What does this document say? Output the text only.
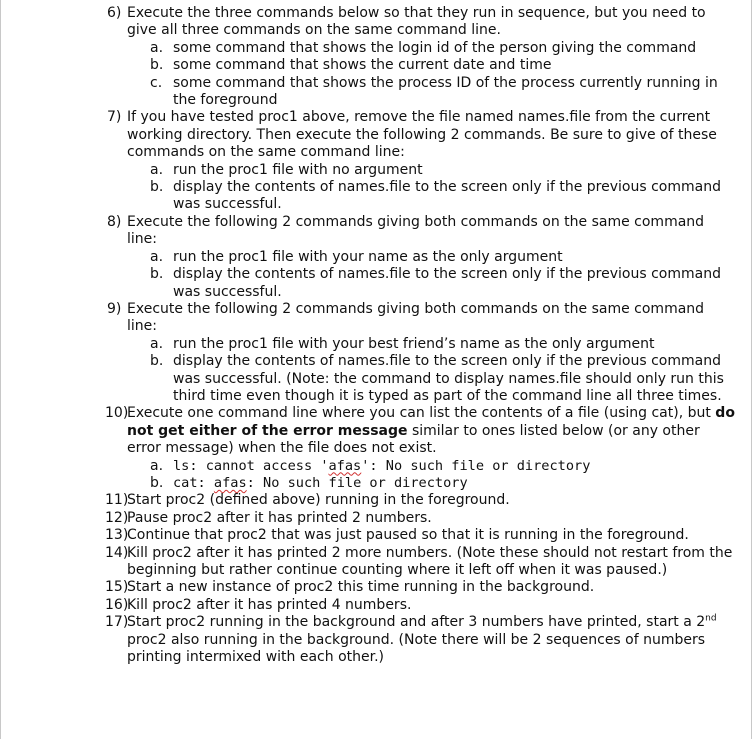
6) Execute the three commands below so that they run in sequence, but you need to give all three commands on the same command line.
a. some command that shows the login id of the person giving the command
b. some command that shows the current date and time
c. some command that shows the process ID of the process currently running in the foreground
7) If you have tested proc1 above, remove the file named names.file from the current working directory. Then execute the following 2 commands. Be sure to give of these commands on the same command line:
a. run the proc1 file with no argument
b. display the contents of names.file to the screen only if the previous command was successful.
8) Execute the following 2 commands giving both commands on the same command line:
a. run the proc1 file with your name as the only argument
b. display the contents of names.file to the screen only if the previous command was successful.
9) Execute the following 2 commands giving both commands on the same command line:
a. run the proc1 file with your best friend’s name as the only argument
b. display the contents of names.file to the screen only if the previous command was successful. (Note: the command to display names.file should only run this third time even though it is typed as part of the command line all three times.
10)
Execute one command line where you can list the contents of a file (using cat), but do not get either of the error message similar to ones listed below (or any other error message) when the file does not exist.
a. ls: cannot access 'afas': No such file or directory
b. cat: afas: No such file or directory
11)
Start proc2 (defined above) running in the foreground.
12)
Pause proc2 after it has printed 2 numbers.
13)
Continue that proc2 that was just paused so that it is running in the foreground.
14)
Kill proc2 after it has printed 2 more numbers. (Note these should not restart from the beginning but rather continue counting where it left off when it was paused.)
15)
Start a new instance of proc2 this time running in the background.
16)
Kill proc2 after it has printed 4 numbers.
17)
Start proc2 running in the background and after 3 numbers have printed, start a 2nd proc2 also running in the background. (Note there will be 2 sequences of numbers printing intermixed with each other.)
